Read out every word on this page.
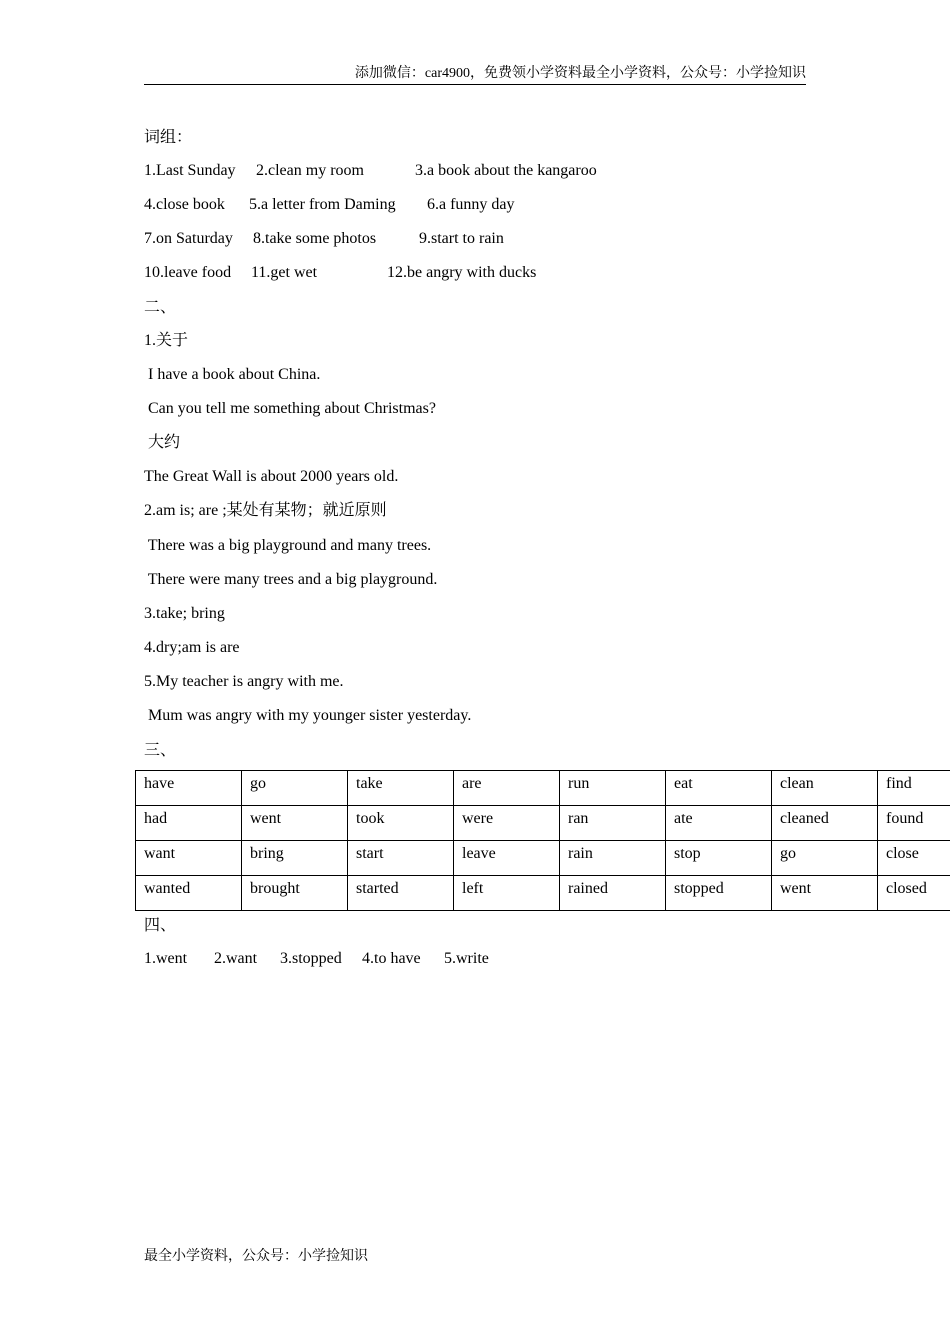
添加微信：car4900，免费领小学资料最全小学资料，公众号：小学捡知识
词组：

1.Last Sunday

2.clean my room

	3.a book about the kangaroo

4.close book

5.a letter from Daming

6.a funny day

7.on Saturday

8.take some photos

	9.start to rain

10.leave food

11.get wet

	12.be angry with ducks

二、
1.关于
I have a book about China.
Can you tell me something about Christmas?
大约
The Great Wall is about 2000 years old.
2.am is; are ;某处有某物；就近原则
There was a big playground and many trees.
There were many trees and a big playground.
3.take; bring
4.dry;am is are
5.My teacher is angry with me.
Mum was angry with my younger sister yesterday.
三、
have	go	take	are	run	eat	clean	find
had	went	took	were	ran	ate	cleaned	found
want	bring	start	leave	rain	stop	go	close
wanted	brought	started	left	rained	stopped	went	closed
四、

1.went

2.want

3.stopped

4.to have

5.write

最全小学资料，公众号：小学捡知识
